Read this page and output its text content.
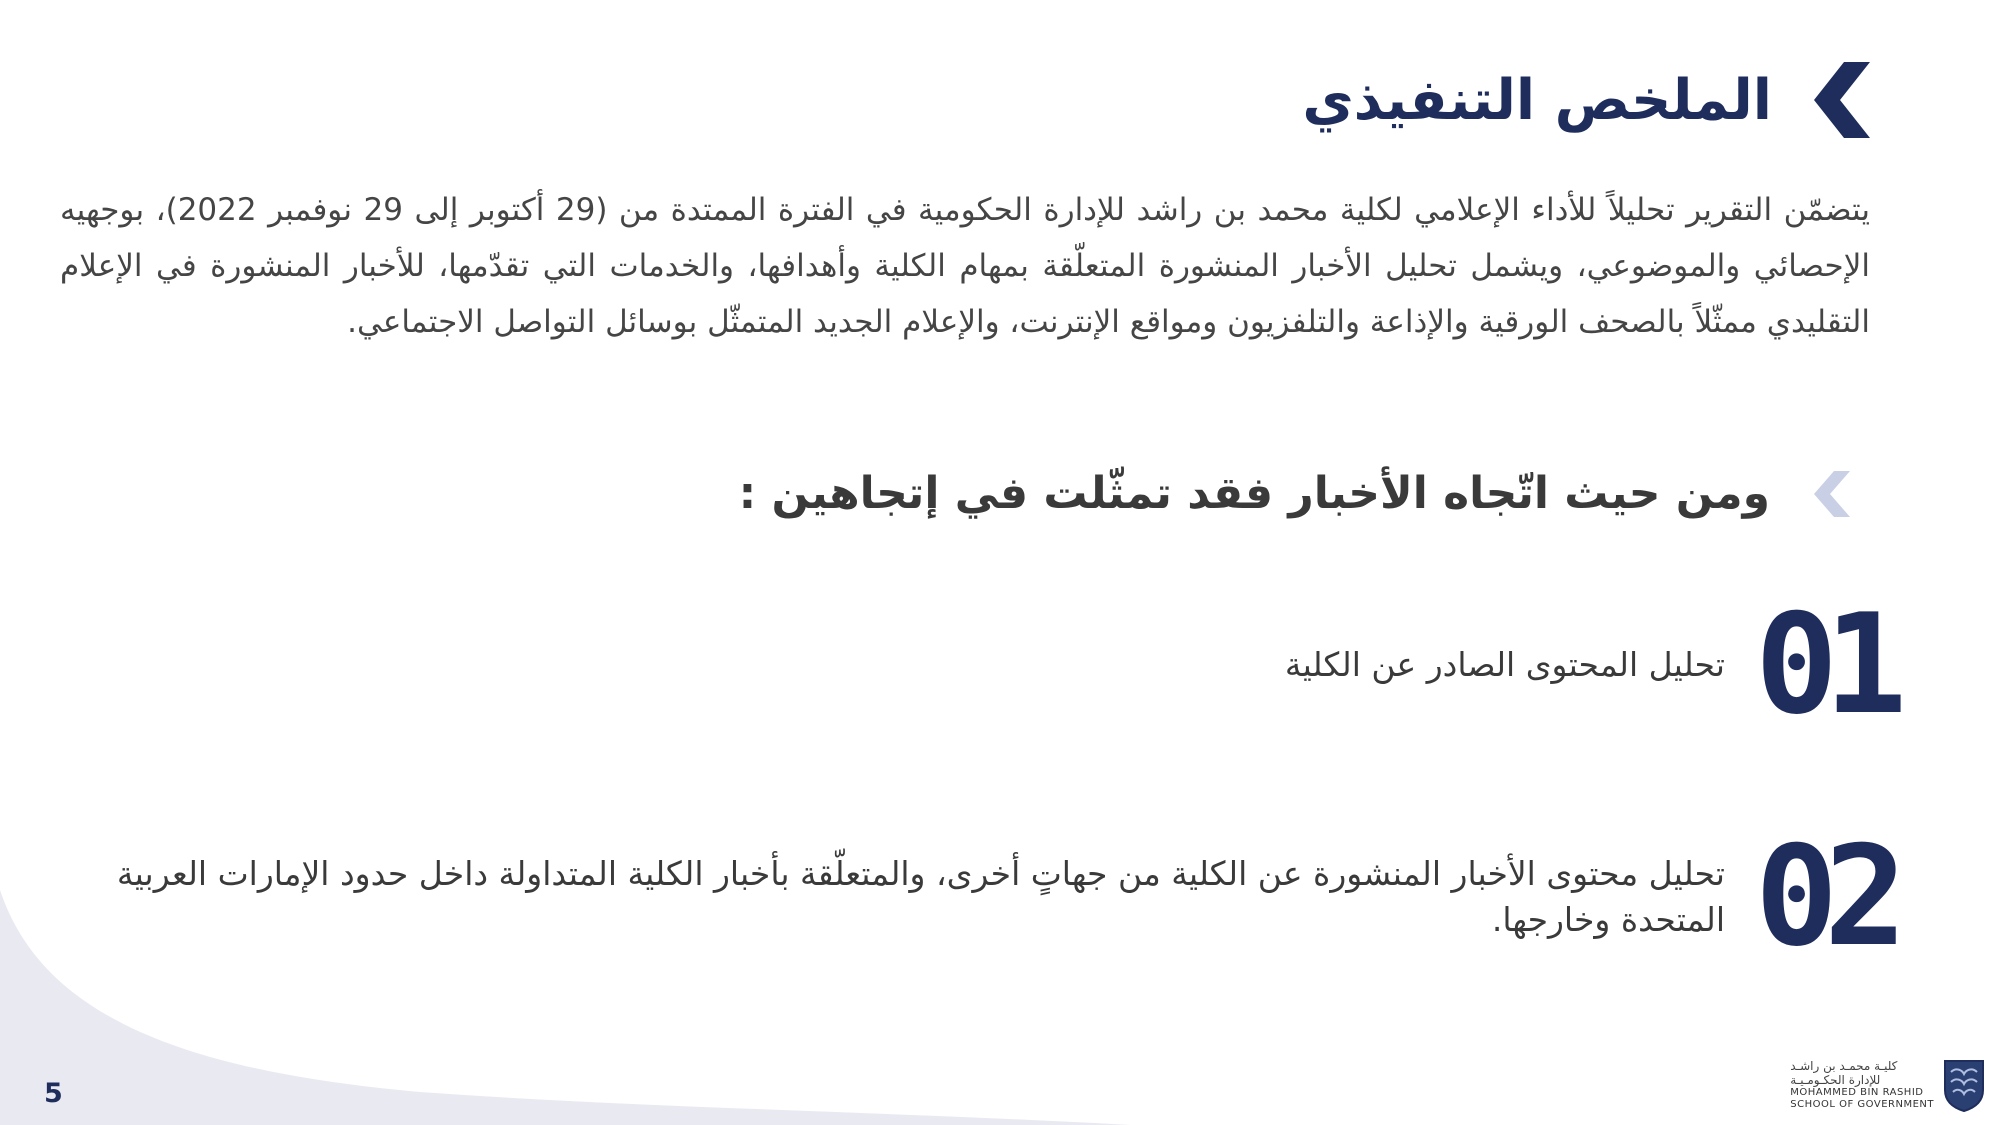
الملخص التنفيذي

يتضمّن التقرير تحليلاً للأداء الإعلامي لكلية محمد بن راشد للإدارة الحكومية في الفترة الممتدة من (29 أكتوبر إلى 29 نوفمبر 2022)، بوجهيه الإحصائي والموضوعي، ويشمل تحليل الأخبار المنشورة المتعلّقة بمهام الكلية وأهدافها، والخدمات التي تقدّمها، للأخبار المنشورة في الإعلام التقليدي ممثّلاً بالصحف الورقية والإذاعة والتلفزيون ومواقع الإنترنت، والإعلام الجديد المتمثّل بوسائل التواصل الاجتماعي.

ومن حيث اتّجاه الأخبار فقد تمثّلت في إتجاهين :
01
تحليل المحتوى الصادر عن الكلية
02
تحليل محتوى الأخبار المنشورة عن الكلية من جهاتٍ أخرى، والمتعلّقة بأخبار الكلية المتداولة داخل حدود الإمارات العربية المتحدة وخارجها.
5
كليـة محمـد بن راشـد
للإدارة الحكـومـيـة
MOHAMMED BIN RASHID
SCHOOL OF GOVERNMENT
